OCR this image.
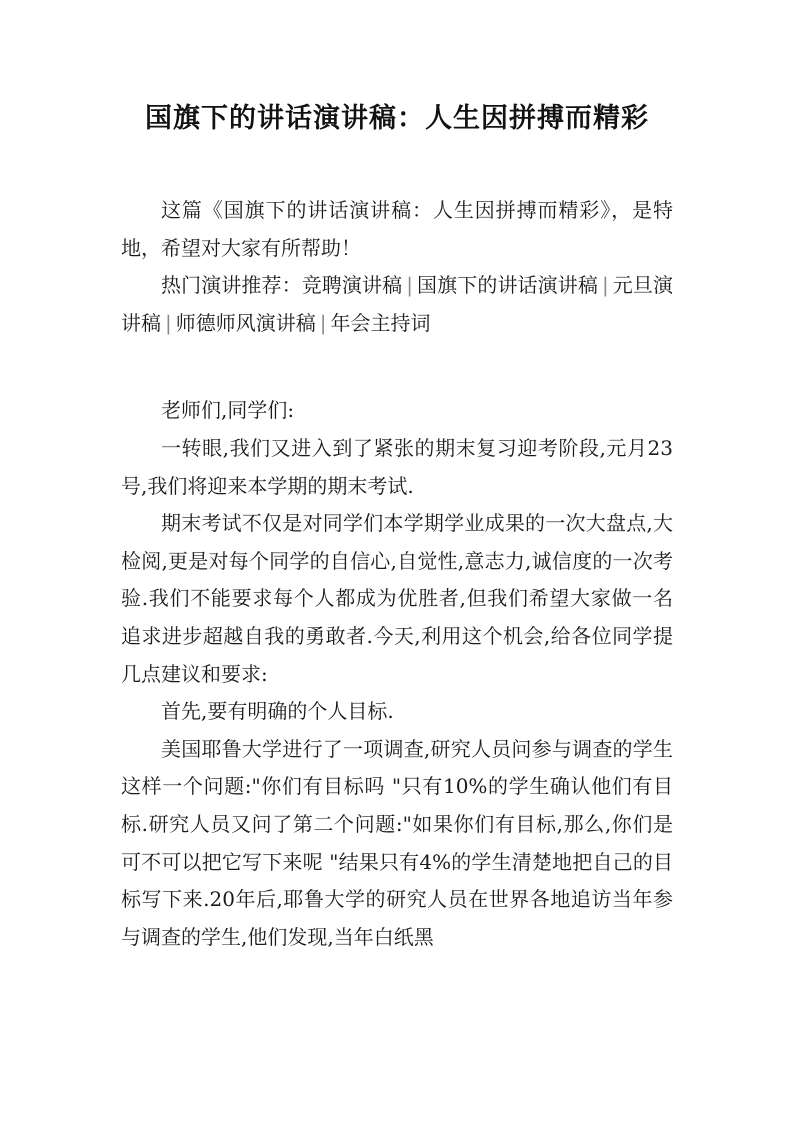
国旗下的讲话演讲稿：人生因拼搏而精彩

这篇《国旗下的讲话演讲稿：人生因拼搏而精彩》，是特地，希望对大家有所帮助！

热门演讲推荐：竞聘演讲稿 | 国旗下的讲话演讲稿 | 元旦演讲稿 | 师德师风演讲稿 | 年会主持词

老师们,同学们:

一转眼,我们又进入到了紧张的期末复习迎考阶段,元月23号,我们将迎来本学期的期末考试.

期末考试不仅是对同学们本学期学业成果的一次大盘点,大检阅,更是对每个同学的自信心,自觉性,意志力,诚信度的一次考验.我们不能要求每个人都成为优胜者,但我们希望大家做一名追求进步超越自我的勇敢者.今天,利用这个机会,给各位同学提几点建议和要求:

首先,要有明确的个人目标.

美国耶鲁大学进行了一项调查,研究人员问参与调查的学生这样一个问题:"你们有目标吗 "只有10%的学生确认他们有目标.研究人员又问了第二个问题:"如果你们有目标,那么,你们是可不可以把它写下来呢 "结果只有4%的学生清楚地把自己的目标写下来.20年后,耶鲁大学的研究人员在世界各地追访当年参与调查的学生,他们发现,当年白纸黑
